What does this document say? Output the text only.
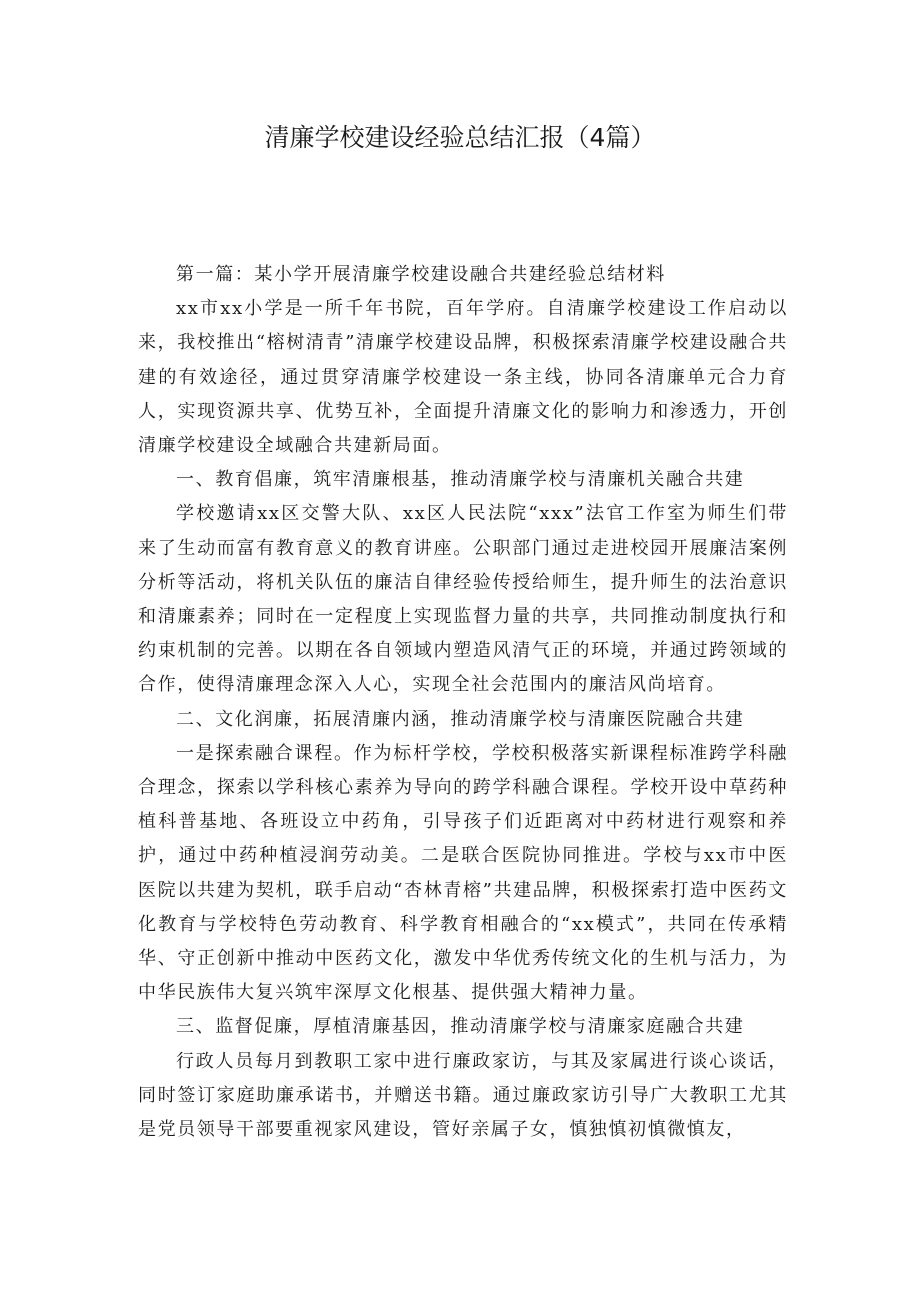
清廉学校建设经验总结汇报（4篇）

第一篇：某小学开展清廉学校建设融合共建经验总结材料

xx市xx小学是一所千年书院，百年学府。自清廉学校建设工作启动以来，我校推出“榕树清青”清廉学校建设品牌，积极探索清廉学校建设融合共建的有效途径，通过贯穿清廉学校建设一条主线，协同各清廉单元合力育人，实现资源共享、优势互补，全面提升清廉文化的影响力和渗透力，开创清廉学校建设全域融合共建新局面。

一、教育倡廉，筑牢清廉根基，推动清廉学校与清廉机关融合共建

学校邀请xx区交警大队、xx区人民法院“xxx”法官工作室为师生们带来了生动而富有教育意义的教育讲座。公职部门通过走进校园开展廉洁案例分析等活动，将机关队伍的廉洁自律经验传授给师生，提升师生的法治意识和清廉素养；同时在一定程度上实现监督力量的共享，共同推动制度执行和约束机制的完善。以期在各自领域内塑造风清气正的环境，并通过跨领域的合作，使得清廉理念深入人心，实现全社会范围内的廉洁风尚培育。

二、文化润廉，拓展清廉内涵，推动清廉学校与清廉医院融合共建

一是探索融合课程。作为标杆学校，学校积极落实新课程标准跨学科融合理念，探索以学科核心素养为导向的跨学科融合课程。学校开设中草药种植科普基地、各班设立中药角，引导孩子们近距离对中药材进行观察和养护，通过中药种植浸润劳动美。二是联合医院协同推进。学校与xx市中医医院以共建为契机，联手启动“杏林青榕”共建品牌，积极探索打造中医药文化教育与学校特色劳动教育、科学教育相融合的“xx模式”，共同在传承精华、守正创新中推动中医药文化，激发中华优秀传统文化的生机与活力，为中华民族伟大复兴筑牢深厚文化根基、提供强大精神力量。

三、监督促廉，厚植清廉基因，推动清廉学校与清廉家庭融合共建

行政人员每月到教职工家中进行廉政家访，与其及家属进行谈心谈话，同时签订家庭助廉承诺书，并赠送书籍。通过廉政家访引导广大教职工尤其是党员领导干部要重视家风建设，管好亲属子女，慎独慎初慎微慎友，
